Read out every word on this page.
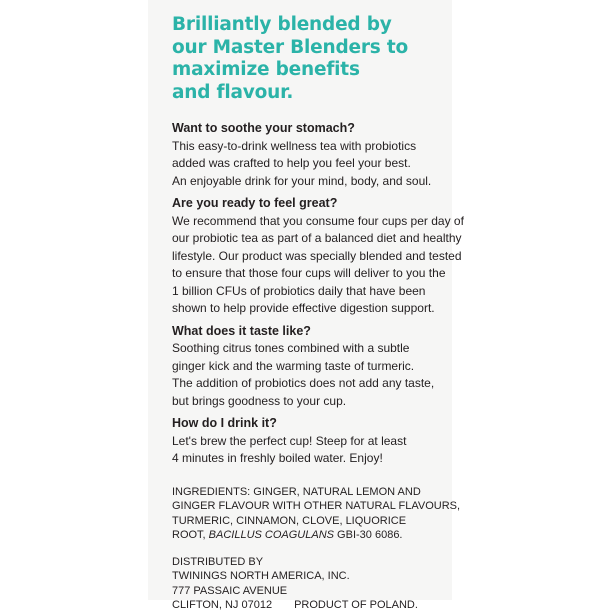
Brilliantly blended by
our Master Blenders to
maximize benefits
and flavour.
Want to soothe your stomach?
This easy-to-drink wellness tea with probiotics
added was crafted to help you feel your best.
An enjoyable drink for your mind, body, and soul.
Are you ready to feel great?
We recommend that you consume four cups per day of
our probiotic tea as part of a balanced diet and healthy
lifestyle. Our product was specially blended and tested
to ensure that those four cups will deliver to you the
1 billion CFUs of probiotics daily that have been
shown to help provide effective digestion support.
What does it taste like?
Soothing citrus tones combined with a subtle
ginger kick and the warming taste of turmeric.
The addition of probiotics does not add any taste,
but brings goodness to your cup.
How do I drink it?
Let's brew the perfect cup! Steep for at least
4 minutes in freshly boiled water. Enjoy!
INGREDIENTS: GINGER, NATURAL LEMON AND
GINGER FLAVOUR WITH OTHER NATURAL FLAVOURS,
TURMERIC, CINNAMON, CLOVE, LIQUORICE
ROOT, BACILLUS COAGULANS GBI-30 6086.
DISTRIBUTED BY
TWININGS NORTH AMERICA, INC.
777 PASSAIC AVENUE
CLIFTON, NJ 07012 PRODUCT OF POLAND.
